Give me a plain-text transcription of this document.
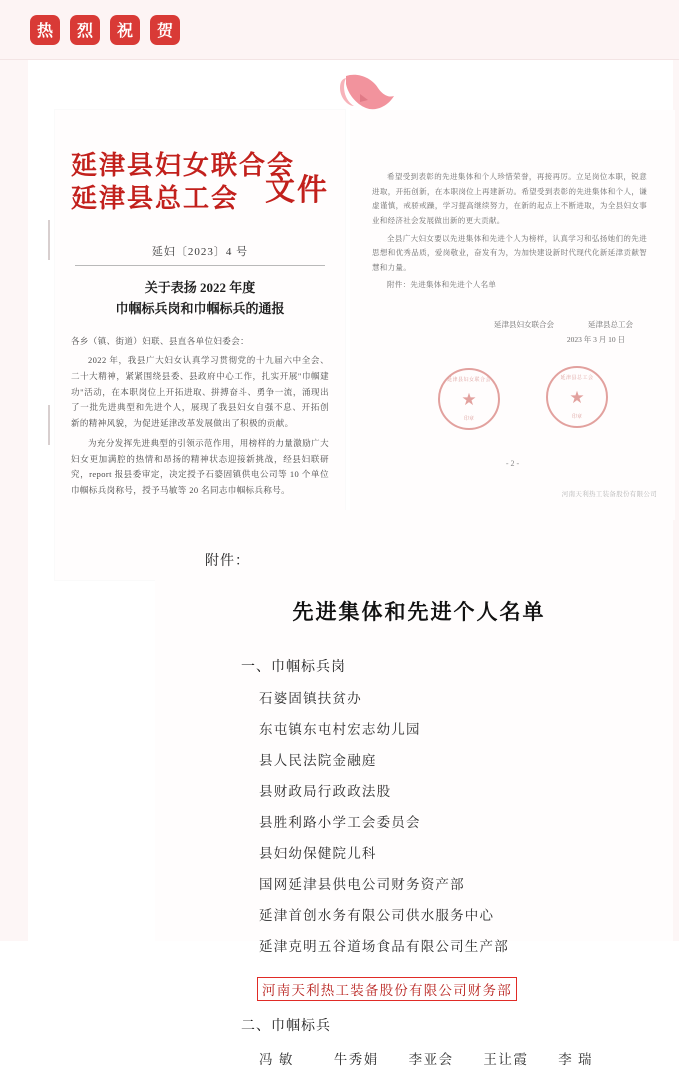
热	烈	祝	贺
延津县妇女联合会
延津县总工会 文件
延妇〔2023〕4 号
关于表扬 2022 年度
巾帼标兵岗和巾帼标兵的通报

各乡（镇、街道）妇联、县直各单位妇委会：

2022 年，我县广大妇女认真学习贯彻党的十九届六中全会、二十大精神，紧紧围绕县委、县政府中心工作，扎实开展"巾帼建功"活动，在本职岗位上开拓进取、拼搏奋斗、勇争一流，涌现出了一批先进典型和先进个人，展现了我县妇女自强不息、开拓创新的精神风貌，为促进延津改革发展做出了积极的贡献。

为充分发挥先进典型的引领示范作用，用榜样的力量激励广大妇女更加满腔的热情和昂扬的精神状态迎接新挑战，经县妇联研究，report 报县委审定，决定授予石婆固镇供电公司等 10 个单位巾帼标兵岗称号，授予马敏等 20 名同志巾帼标兵称号。

希望受到表彰的先进集体和个人珍惜荣誉，再接再厉。立足岗位本职，锐意进取，开拓创新，在本职岗位上再建新功。希望受到表彰的先进集体和个人，谦虚谨慎，戒骄戒躁，学习提高继续努力，在新的起点上不断进取，为全县妇女事业和经济社会发展做出新的更大贡献。

全县广大妇女要以先进集体和先进个人为榜样，认真学习和弘扬她们的先进思想和优秀品质，爱岗敬业，奋发有为，为加快建设新时代现代化新延津贡献智慧和力量。

附件：先进集体和先进个人名单

延津县妇女联合会	延津县总工会
2023 年 3 月 10 日
延津县妇女联合会
★
印章
延津县总工会
★
印章
- 2 -
河南天利热工装备股份有限公司
附件：
先进集体和先进个人名单
一、巾帼标兵岗
石婆固镇扶贫办
东屯镇东屯村宏志幼儿园
县人民法院金融庭
县财政局行政政法股
县胜利路小学工会委员会
县妇幼保健院儿科
国网延津县供电公司财务资产部
延津首创水务有限公司供水服务中心
延津克明五谷道场食品有限公司生产部
河南天利热工装备股份有限公司财务部
二、巾帼标兵
冯 敏	牛秀娟	李亚会	王让霞	李 瑞
